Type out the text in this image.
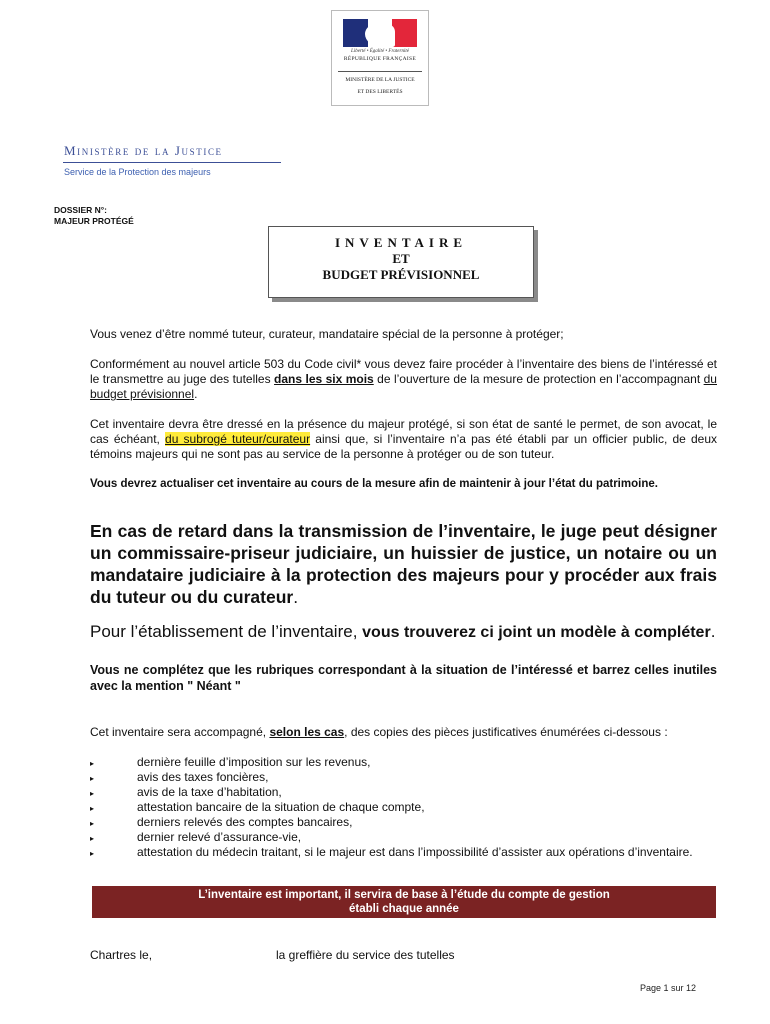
Liberté • Égalité • Fraternité
RÉPUBLIQUE FRANÇAISE
MINISTÈRE DE LA JUSTICE
ET DES LIBERTÉS
Ministère de la Justice
Service de la Protection des majeurs
DOSSIER N°:
MAJEUR PROTÉGÉ
INVENTAIRE
ET
BUDGET PRÉVISIONNEL
Vous venez d’être nommé tuteur, curateur, mandataire spécial de la personne à protéger;
Conformément au nouvel article 503 du Code civil* vous devez faire procéder à l’inventaire des biens de l’intéressé et le transmettre au juge des tutelles dans les six mois de l’ouverture de la mesure de protection en l’accompagnant du budget prévisionnel.
Cet inventaire devra être dressé en la présence du majeur protégé, si son état de santé le permet, de son avocat, le cas échéant, du subrogé tuteur/curateur ainsi que, si l’inventaire n’a pas été établi par un officier public, de deux témoins majeurs qui ne sont pas au service de la personne à protéger ou de son tuteur.
Vous devrez actualiser cet inventaire au cours de la mesure afin de maintenir à jour l’état du patrimoine.
En cas de retard dans la transmission de l’inventaire, le juge peut désigner un commissaire-priseur judiciaire, un huissier de justice, un notaire ou un mandataire judiciaire à la protection des majeurs pour y procéder aux frais du tuteur ou du curateur.
Pour l’établissement de l’inventaire, vous trouverez ci joint un modèle à compléter.
Vous ne complétez que les rubriques correspondant à la situation de l’intéressé et barrez celles inutiles avec la mention " Néant "
Cet inventaire sera accompagné, selon les cas, des copies des pièces justificatives énumérées ci-dessous :
▸ dernière feuille d’imposition sur les revenus,
▸ avis des taxes foncières,
▸ avis de la taxe d’habitation,
▸ attestation bancaire de la situation de chaque compte,
▸ derniers relevés des comptes bancaires,
▸ dernier relevé d’assurance-vie,
▸ attestation du médecin traitant, si le majeur est dans l’impossibilité d’assister aux opérations d’inventaire.
L’inventaire est important, il servira de base à l’étude du compte de gestion
établi chaque année
Chartres le,	la greffière du service des tutelles
Page 1 sur 12
